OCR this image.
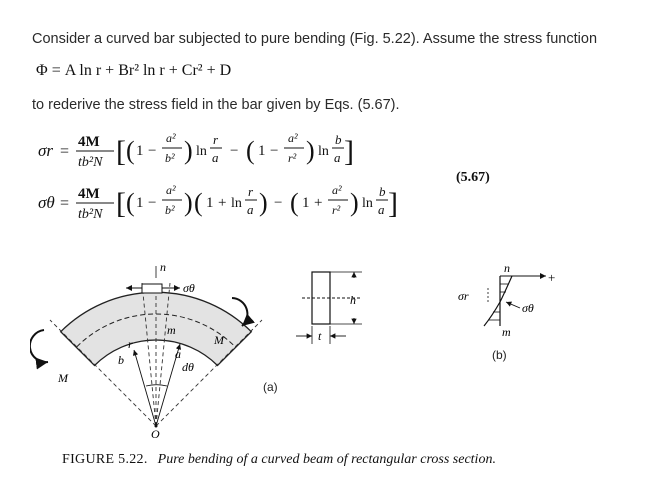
Consider a curved bar subjected to pure bending (Fig. 5.22). Assume the stress function
Φ = A ln r + Br² ln r + Cr² + D
to rederive the stress field in the bar given by Eqs. (5.67).
σr =
4M
tb²N [ ( 1 −
a²
b² ) ln
r
a − ( 1 −
a²
r² ) ln
b
a ]
σθ =
4M
tb²N [ ( 1 −
a²
b² ) ( 1 + ln
r
a ) − ( 1 +
a²
r² ) ln
b
a ]
(5.67)
n
σθ
m
r
a
b	dθ
M
M
O
h
t
(a)
n
+
σr
σθ
m
(b)
FIGURE 5.22. Pure bending of a curved beam of rectangular cross section.
